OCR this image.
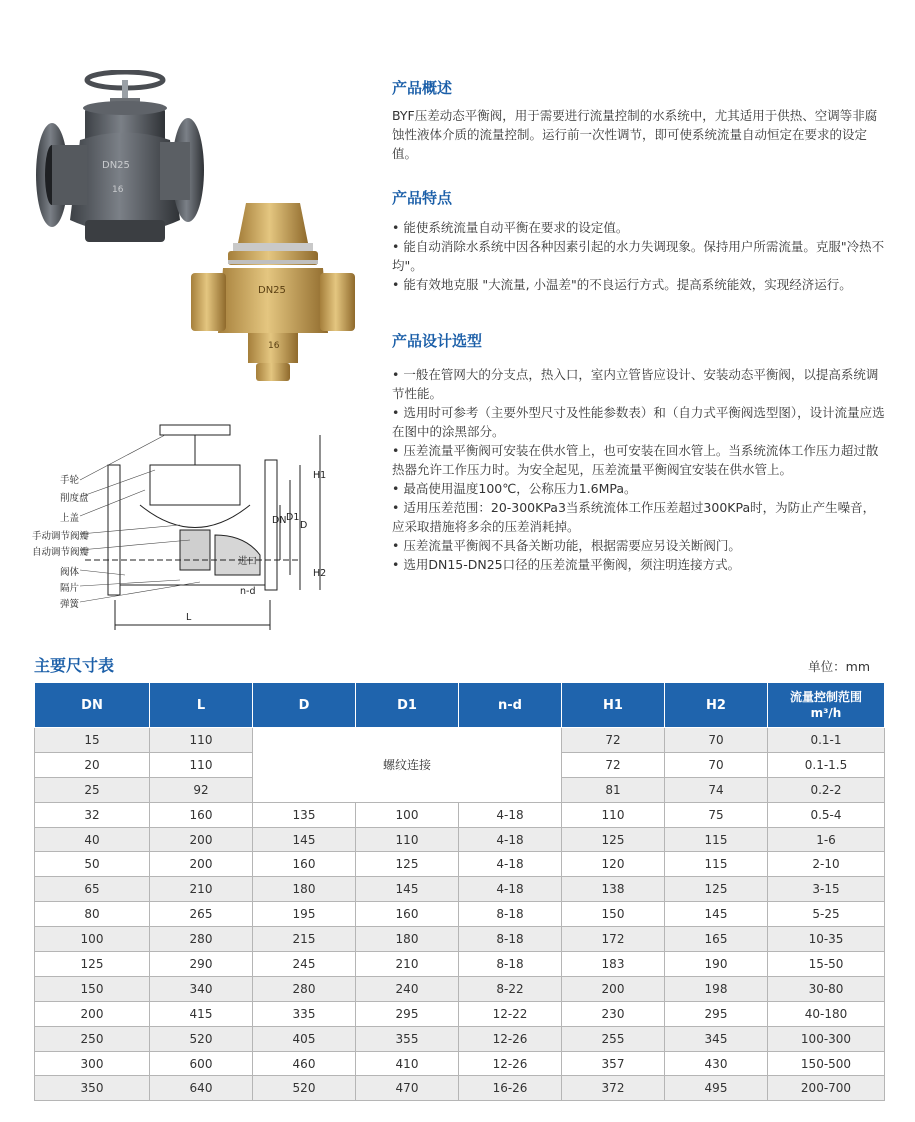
DN25
16
DN25
16
手轮
削度盘
上盖
手动调节阀瓣
自动调节阀瓣
阀体
隔片
弹簧
进口
n-d
H1
H2
D
D1
DN
L
产品概述
BYF压差动态平衡阀，用于需要进行流量控制的水系统中，尤其适用于供热、空调等非腐蚀性液体介质的流量控制。运行前一次性调节，即可使系统流量自动恒定在要求的设定值。
产品特点
• 能使系统流量自动平衡在要求的设定值。
• 能自动消除水系统中因各种因素引起的水力失调现象。保持用户所需流量。克服"冷热不均"。
• 能有效地克服 "大流量, 小温差"的不良运行方式。提高系统能效，实现经济运行。
产品设计选型
• 一般在管网大的分支点，热入口，室内立管皆应设计、安装动态平衡阀，以提高系统调节性能。
• 选用时可参考（主要外型尺寸及性能参数表）和（自力式平衡阀选型图），设计流量应选在图中的涂黑部分。
• 压差流量平衡阀可安装在供水管上，也可安装在回水管上。当系统流体工作压力超过散热器允许工作压力时。为安全起见，压差流量平衡阀宜安装在供水管上。
• 最高使用温度100℃，公称压力1.6MPa。
• 适用压差范围：20-300KPa3当系统流体工作压差超过300KPa时，为防止产生噪音，应采取措施将多余的压差消耗掉。
• 压差流量平衡阀不具备关断功能，根据需要应另设关断阀门。
• 选用DN15-DN25口径的压差流量平衡阀，须注明连接方式。
主要尺寸表	单位：mm
DN	L	D	D1	n-d	H1	H2	流量控制范围
m³/h

15	110	螺纹连接			72	70	0.1-1
20	110				72	70	0.1-1.5
25	92				81	74	0.2-2
32	160	135	100	4-18	110	75	0.5-4
40	200	145	110	4-18	125	115	1-6
50	200	160	125	4-18	120	115	2-10
65	210	180	145	4-18	138	125	3-15
80	265	195	160	8-18	150	145	5-25
100	280	215	180	8-18	172	165	10-35
125	290	245	210	8-18	183	190	15-50
150	340	280	240	8-22	200	198	30-80
200	415	335	295	12-22	230	295	40-180
250	520	405	355	12-26	255	345	100-300
300	600	460	410	12-26	357	430	150-500
350	640	520	470	16-26	372	495	200-700
